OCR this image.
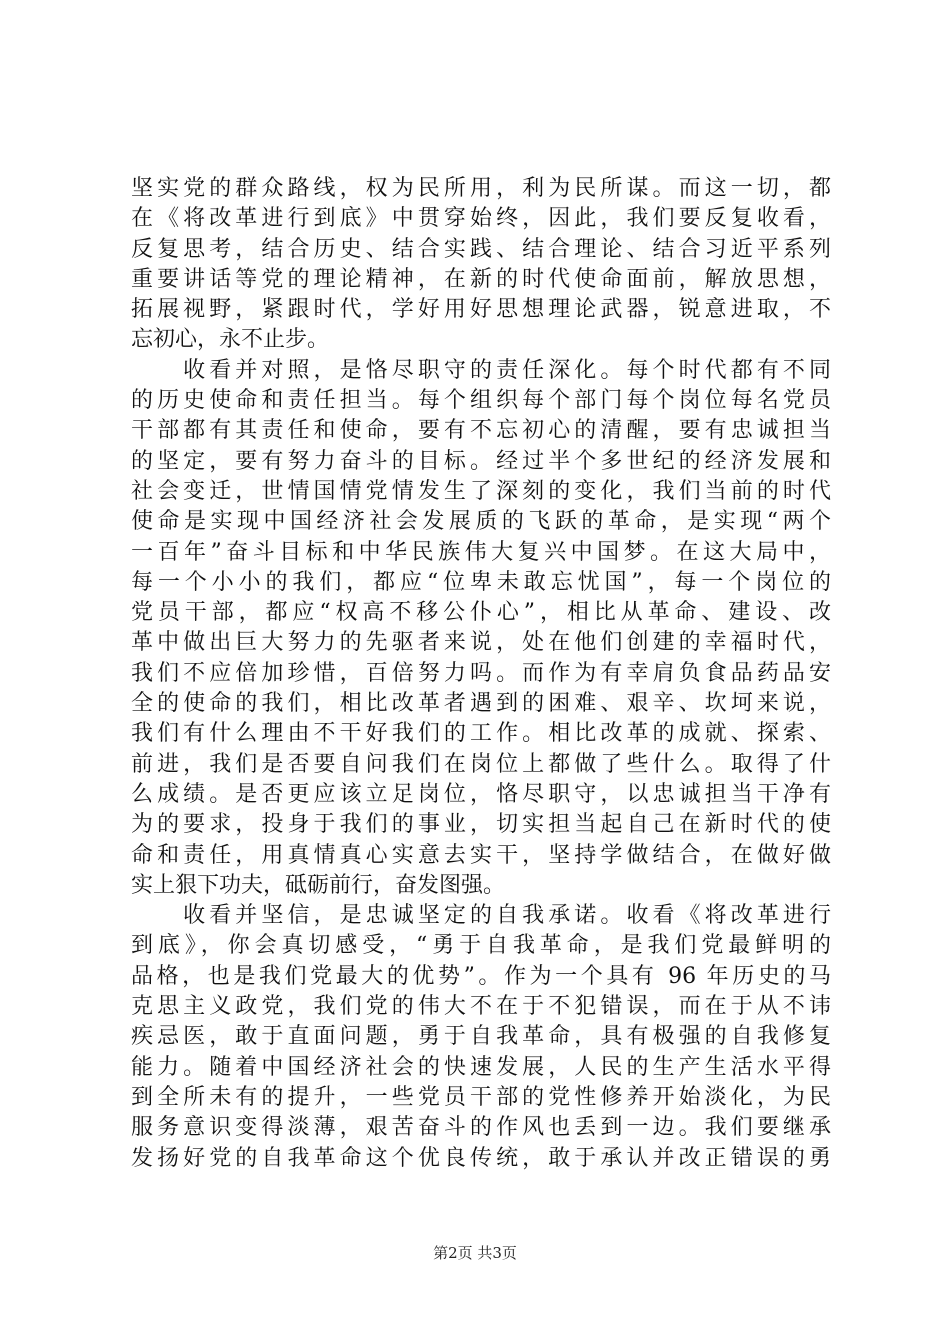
坚实党的群众路线，权为民所用，利为民所谋。而这一切，都
在《将改革进行到底》中贯穿始终，因此，我们要反复收看，
反复思考，结合历史、结合实践、结合理论、结合习近平系列
重要讲话等党的理论精神，在新的时代使命面前，解放思想，
拓展视野，紧跟时代，学好用好思想理论武器，锐意进取，不
忘初心，永不止步。
　　收看并对照，是恪尽职守的责任深化。每个时代都有不同
的历史使命和责任担当。每个组织每个部门每个岗位每名党员
干部都有其责任和使命，要有不忘初心的清醒，要有忠诚担当
的坚定，要有努力奋斗的目标。经过半个多世纪的经济发展和
社会变迁，世情国情党情发生了深刻的变化，我们当前的时代
使命是实现中国经济社会发展质的飞跃的革命，是实现“两个
一百年”奋斗目标和中华民族伟大复兴中国梦。在这大局中，
每一个小小的我们，都应“位卑未敢忘忧国”，每一个岗位的
党员干部，都应“权高不移公仆心”，相比从革命、建设、改
革中做出巨大努力的先驱者来说，处在他们创建的幸福时代，
我们不应倍加珍惜，百倍努力吗。而作为有幸肩负食品药品安
全的使命的我们，相比改革者遇到的困难、艰辛、坎坷来说，
我们有什么理由不干好我们的工作。相比改革的成就、探索、
前进，我们是否要自问我们在岗位上都做了些什么。取得了什
么成绩。是否更应该立足岗位，恪尽职守，以忠诚担当干净有
为的要求，投身于我们的事业，切实担当起自己在新时代的使
命和责任，用真情真心实意去实干，坚持学做结合，在做好做
实上狠下功夫，砥砺前行，奋发图强。
　　收看并坚信，是忠诚坚定的自我承诺。收看《将改革进行
到底》，你会真切感受，“勇于自我革命，是我们党最鲜明的
品格，也是我们党最大的优势”。作为一个具有 96 年历史的马
克思主义政党，我们党的伟大不在于不犯错误，而在于从不讳
疾忌医，敢于直面问题，勇于自我革命，具有极强的自我修复
能力。随着中国经济社会的快速发展，人民的生产生活水平得
到全所未有的提升，一些党员干部的党性修养开始淡化，为民
服务意识变得淡薄，艰苦奋斗的作风也丢到一边。我们要继承
发扬好党的自我革命这个优良传统，敢于承认并改正错误的勇
第2页 共3页
